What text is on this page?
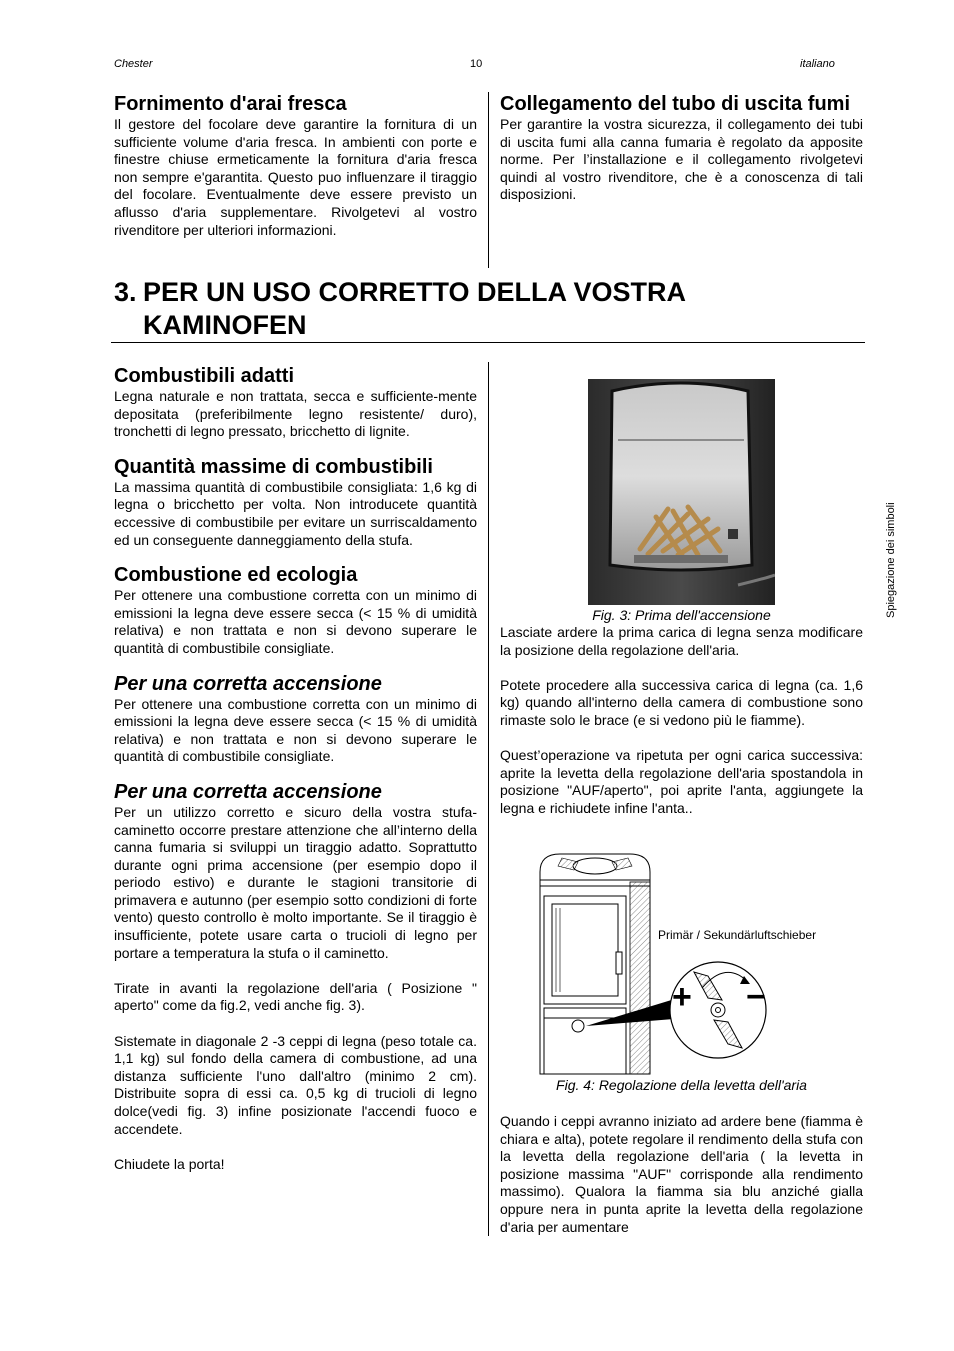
Chester	10	italiano
Spiegazione dei simboli
Fornimento d'arai fresca

Il gestore del focolare deve garantire la fornitura di un sufficiente volume d'aria fresca. In ambienti con porte e finestre chiuse ermeticamente la fornitura d'aria fresca non sempre e'garantita. Questo puo influenzare il tiraggio del focolare. Eventualmente deve essere previsto un aflusso d'aria supplementare. Rivolgetevi al vostro rivenditore per ulteriori informazioni.

Collegamento del tubo di uscita fumi

Per garantire la vostra sicurezza, il collegamento dei tubi di uscita fumi alla canna fumaria è regolato da apposite norme. Per l’installazione e il collegamento rivolgetevi quindi al vostro rivenditore, che è a conoscenza di tali disposizioni.

3. PER UN USO CORRETTO DELLA VOSTRA
KAMINOFEN
Combustibili adatti

Legna naturale e non trattata, secca e sufficiente-mente depositata (preferibilmente legno resistente/ duro), tronchetti di legno pressato, bricchetto di lignite.

Quantità massime di combustibili

La massima quantità di combustibile consigliata: 1,6 kg di legna o bricchetto per volta. Non introducete quantità eccessive di combustibile per evitare un surriscaldamento ed un conseguente danneggiamento della stufa.

Combustione ed ecologia

Per ottenere una combustione corretta con un minimo di emissioni la legna deve essere secca (< 15 % di umidità relativa) e non trattata e non si devono superare le quantità di combustibile consigliate.

Per una corretta accensione

Per ottenere una combustione corretta con un minimo di emissioni la legna deve essere secca (< 15 % di umidità relativa) e non trattata e non si devono superare le quantità di combustibile consigliate.

Per una corretta accensione

Per un utilizzo corretto e sicuro della vostra stufa-caminetto occorre prestare attenzione che all’interno della canna fumaria si sviluppi un tiraggio adatto. Soprattutto durante ogni prima accensione (per esempio dopo il periodo estivo) e durante le stagioni transitorie di primavera e autunno (per esempio sotto condizioni di forte vento) questo controllo è molto importante. Se il tiraggio è insufficiente, potete usare carta o trucioli di legno per portare a temperatura la stufa o il caminetto.

Tirate in avanti la regolazione dell'aria ( Posizione " aperto" come da fig.2, vedi anche fig. 3).

Sistemate in diagonale 2 -3 ceppi di legna (peso totale ca. 1,1 kg) sul fondo della camera di combustione, ad una distanza sufficiente l'uno dall'altro (minimo 2 cm). Distribuite sopra di essi ca. 0,5 kg di trucioli di legno dolce(vedi fig. 3) infine posizionate l'accendi fuoco e accendete.

Chiudete la porta!

Fig. 3: Prima dell'accensione

Lasciate ardere la prima carica di legna senza modificare la posizione della regolazione dell'aria.

Potete procedere alla successiva carica di legna (ca. 1,6 kg) quando all'interno della camera di combustione sono rimaste solo le brace (e si vedono più le fiamme).

Quest’operazione va ripetuta per ogni carica successiva: aprite la levetta della regolazione dell'aria spostandola in posizione "AUF/aperto", poi aprite l'anta, aggiungete la legna e richiudete infine l'anta..

Primär / Sekundärluftschieber
+ −
Fig. 4: Regolazione della levetta dell'aria

Quando i ceppi avranno iniziato ad ardere bene (fiamma è chiara e alta), potete regolare il rendimento della stufa con la levetta della regolazione dell'aria ( la levetta in posizione massima "AUF" corrisponde alla rendimento massimo). Qualora la fiamma sia blu anziché gialla oppure nera in punta aprite la levetta della regolazione d'aria per aumentare
